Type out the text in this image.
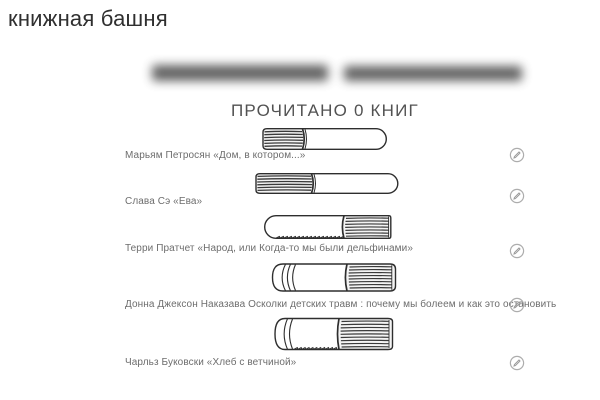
книжная башня
ПРОЧИТАНО 0 КНИГ
Марьям Петросян «Дом, в котором...»
Слава Сэ «Ева»
Терри Пратчет «Народ, или Когда-то мы были дельфинами»
Донна Джексон Наказава Осколки детских травм : почему мы болеем и как это остановить
Чарльз Буковски «Хлеб с ветчиной»
